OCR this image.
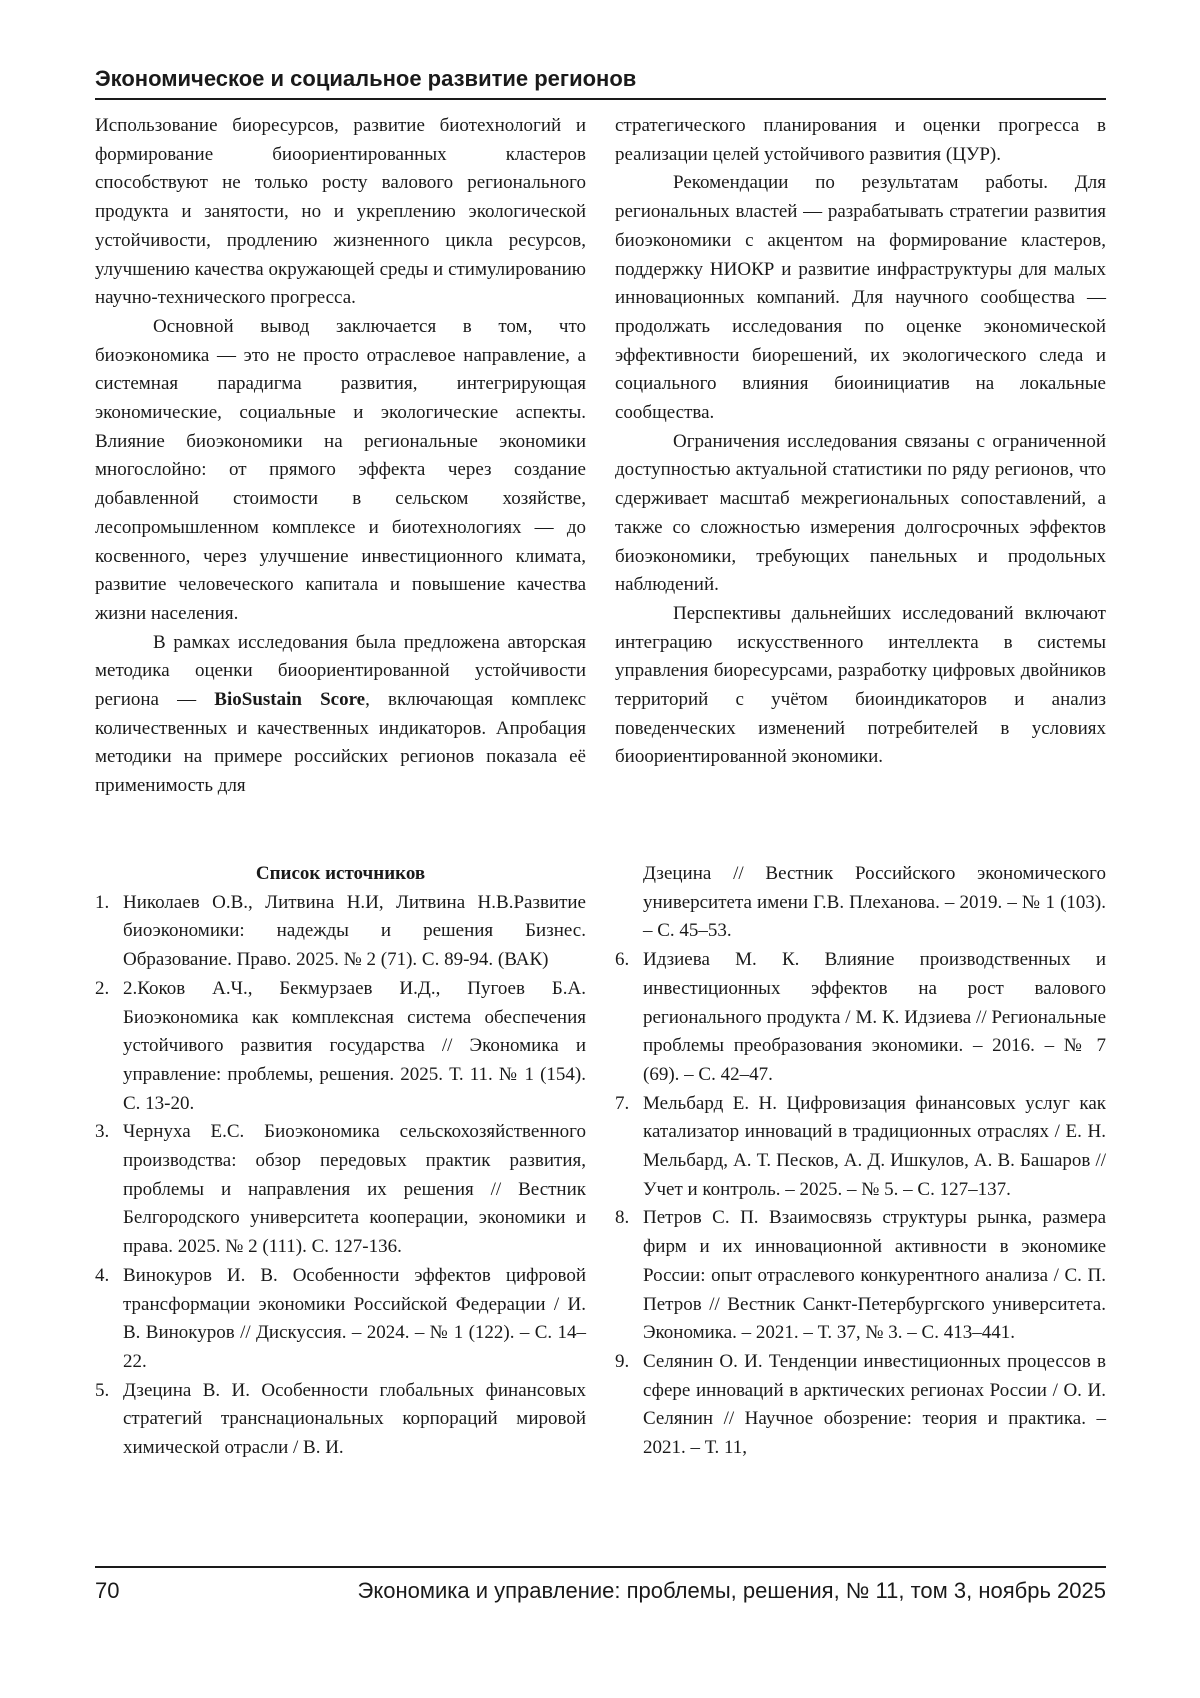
Экономическое и социальное развитие регионов

Использование биоресурсов, развитие биотехнологий и формирование биоориентированных кластеров способствуют не только росту валового регионального продукта и занятости, но и укреплению экологической устойчивости, продлению жизненного цикла ресурсов, улучшению качества окружающей среды и стимулированию научно-технического прогресса.

Основной вывод заключается в том, что биоэкономика — это не просто отраслевое направление, а системная парадигма развития, интегрирующая экономические, социальные и экологические аспекты. Влияние биоэкономики на региональные экономики многослойно: от прямого эффекта через создание добавленной стоимости в сельском хозяйстве, лесопромышленном комплексе и биотехнологиях — до косвенного, через улучшение инвестиционного климата, развитие человеческого капитала и повышение качества жизни населения.

В рамках исследования была предложена авторская методика оценки биоориентированной устойчивости региона — BioSustain Score, включающая комплекс количественных и качественных индикаторов. Апробация методики на примере российских регионов показала её применимость для

стратегического планирования и оценки прогресса в реализации целей устойчивого развития (ЦУР).

Рекомендации по результатам работы. Для региональных властей — разрабатывать стратегии развития биоэкономики с акцентом на формирование кластеров, поддержку НИОКР и развитие инфраструктуры для малых инновационных компаний. Для научного сообщества — продолжать исследования по оценке экономической эффективности биорешений, их экологического следа и социального влияния биоинициатив на локальные сообщества.

Ограничения исследования связаны с ограниченной доступностью актуальной статистики по ряду регионов, что сдерживает масштаб межрегиональных сопоставлений, а также со сложностью измерения долгосрочных эффектов биоэкономики, требующих панельных и продольных наблюдений.

Перспективы дальнейших исследований включают интеграцию искусственного интеллекта в системы управления биоресурсами, разработку цифровых двойников территорий с учётом биоиндикаторов и анализ поведенческих изменений потребителей в условиях биоориентированной экономики.

Список источников

1. Николаев О.В., Литвина Н.И, Литвина Н.В.Развитие биоэкономики: надежды и решения Бизнес. Образование. Право. 2025. № 2 (71). С. 89-94. (ВАК)
2. 2.Коков А.Ч., Бекмурзаев И.Д., Пугоев Б.А. Биоэкономика как комплексная система обеспечения устойчивого развития государства // Экономика и управление: проблемы, решения. 2025. Т. 11. № 1 (154). С. 13-20.
3. Чернуха Е.С. Биоэкономика сельскохозяйственного производства: обзор передовых практик развития, проблемы и направления их решения // Вестник Белгородского университета кооперации, экономики и права. 2025. № 2 (111). С. 127-136.
4. Винокуров И. В. Особенности эффектов цифровой трансформации экономики Российской Федерации / И. В. Винокуров // Дискуссия. – 2024. – № 1 (122). – С. 14–22.
5. Дзецина В. И. Особенности глобальных финансовых стратегий транснациональных корпораций мировой химической отрасли / В. И.
Дзецина // Вестник Российского экономического университета имени Г.В. Плеханова. – 2019. – № 1 (103). – С. 45–53.
6. Идзиева М. К. Влияние производственных и инвестиционных эффектов на рост валового регионального продукта / М. К. Идзиева // Региональные проблемы преобразования экономики. – 2016. – № 7 (69). – С. 42–47.
7. Мельбард Е. Н. Цифровизация финансовых услуг как катализатор инноваций в традиционных отраслях / Е. Н. Мельбард, А. Т. Песков, А. Д. Ишкулов, А. В. Башаров // Учет и контроль. – 2025. – № 5. – С. 127–137.
8. Петров С. П. Взаимосвязь структуры рынка, размера фирм и их инновационной активности в экономике России: опыт отраслевого конкурентного анализа / С. П. Петров // Вестник Санкт-Петербургского университета. Экономика. – 2021. – Т. 37, № 3. – С. 413–441.
9. Селянин О. И. Тенденции инвестиционных процессов в сфере инноваций в арктических регионах России / О. И. Селянин // Научное обозрение: теория и практика. – 2021. – Т. 11,
70	Экономика и управление: проблемы, решения, № 11, том 3, ноябрь 2025
